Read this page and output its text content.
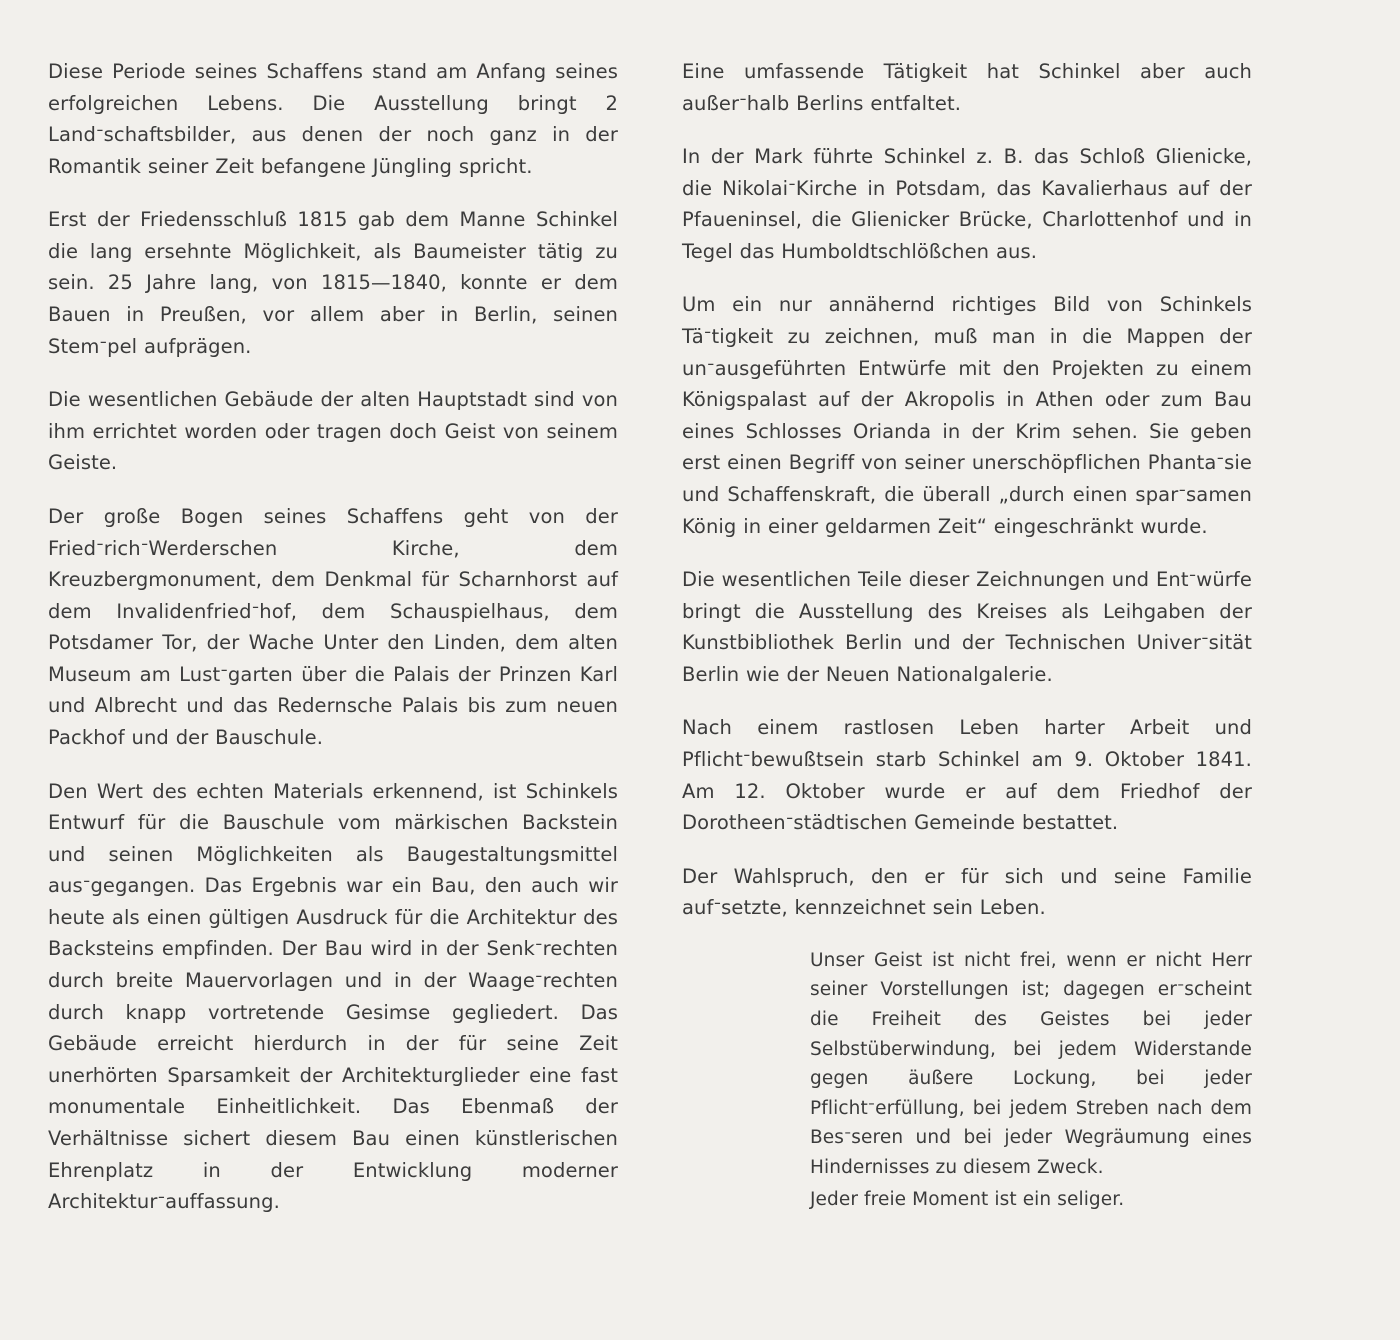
Diese Periode seines Schaffens stand am Anfang seines erfolgreichen Lebens. Die Ausstellung bringt 2 Landᐨschaftsbilder, aus denen der noch ganz in der Romantik seiner Zeit befangene Jüngling spricht.

Erst der Friedensschluß 1815 gab dem Manne Schinkel die lang ersehnte Möglichkeit, als Baumeister tätig zu sein. 25 Jahre lang, von 1815—1840, konnte er dem Bauen in Preußen, vor allem aber in Berlin, seinen Stemᐨpel aufprägen.

Die wesentlichen Gebäude der alten Hauptstadt sind von ihm errichtet worden oder tragen doch Geist von seinem Geiste.

Der große Bogen seines Schaffens geht von der FriedᐨrichᐨWerderschen Kirche, dem Kreuzbergmonument, dem Denkmal für Scharnhorst auf dem Invalidenfriedᐨhof, dem Schauspielhaus, dem Potsdamer Tor, der Wache Unter den Linden, dem alten Museum am Lustᐨgarten über die Palais der Prinzen Karl und Albrecht und das Redernsche Palais bis zum neuen Packhof und der Bauschule.

Den Wert des echten Materials erkennend, ist Schinkels Entwurf für die Bauschule vom märkischen Backstein und seinen Möglichkeiten als Baugestaltungsmittel ausᐨgegangen. Das Ergebnis war ein Bau, den auch wir heute als einen gültigen Ausdruck für die Architektur des Backsteins empfinden. Der Bau wird in der Senkᐨrechten durch breite Mauervorlagen und in der Waageᐨrechten durch knapp vortretende Gesimse gegliedert. Das Gebäude erreicht hierdurch in der für seine Zeit unerhörten Sparsamkeit der Architekturglieder eine fast monumentale Einheitlichkeit. Das Ebenmaß der Verhältnisse sichert diesem Bau einen künstlerischen Ehrenplatz in der Entwicklung moderner Architekturᐨauffassung.

Eine umfassende Tätigkeit hat Schinkel aber auch außerᐨhalb Berlins entfaltet.

In der Mark führte Schinkel z. B. das Schloß Glienicke, die NikolaiᐨKirche in Potsdam, das Kavalierhaus auf der Pfaueninsel, die Glienicker Brücke, Charlottenhof und in Tegel das Humboldtschlößchen aus.

Um ein nur annähernd richtiges Bild von Schinkels Täᐨtigkeit zu zeichnen, muß man in die Mappen der unᐨausgeführten Entwürfe mit den Projekten zu einem Königspalast auf der Akropolis in Athen oder zum Bau eines Schlosses Orianda in der Krim sehen. Sie geben erst einen Begriff von seiner unerschöpflichen Phantaᐨsie und Schaffenskraft, die überall „durch einen sparᐨsamen König in einer geldarmen Zeit“ eingeschränkt wurde.

Die wesentlichen Teile dieser Zeichnungen und Entᐨwürfe bringt die Ausstellung des Kreises als Leihgaben der Kunstbibliothek Berlin und der Technischen Univerᐨsität Berlin wie der Neuen Nationalgalerie.

Nach einem rastlosen Leben harter Arbeit und Pflichtᐨbewußtsein starb Schinkel am 9. Oktober 1841. Am 12. Oktober wurde er auf dem Friedhof der Dorotheenᐨstädtischen Gemeinde bestattet.

Der Wahlspruch, den er für sich und seine Familie aufᐨsetzte, kennzeichnet sein Leben.

Unser Geist ist nicht frei, wenn er nicht Herr seiner Vorstellungen ist; dagegen erᐨscheint die Freiheit des Geistes bei jeder Selbstüberwindung, bei jedem Widerstande gegen äußere Lockung, bei jeder Pflichtᐨerfüllung, bei jedem Streben nach dem Besᐨseren und bei jeder Wegräumung eines Hindernisses zu diesem Zweck.

Jeder freie Moment ist ein seliger.
